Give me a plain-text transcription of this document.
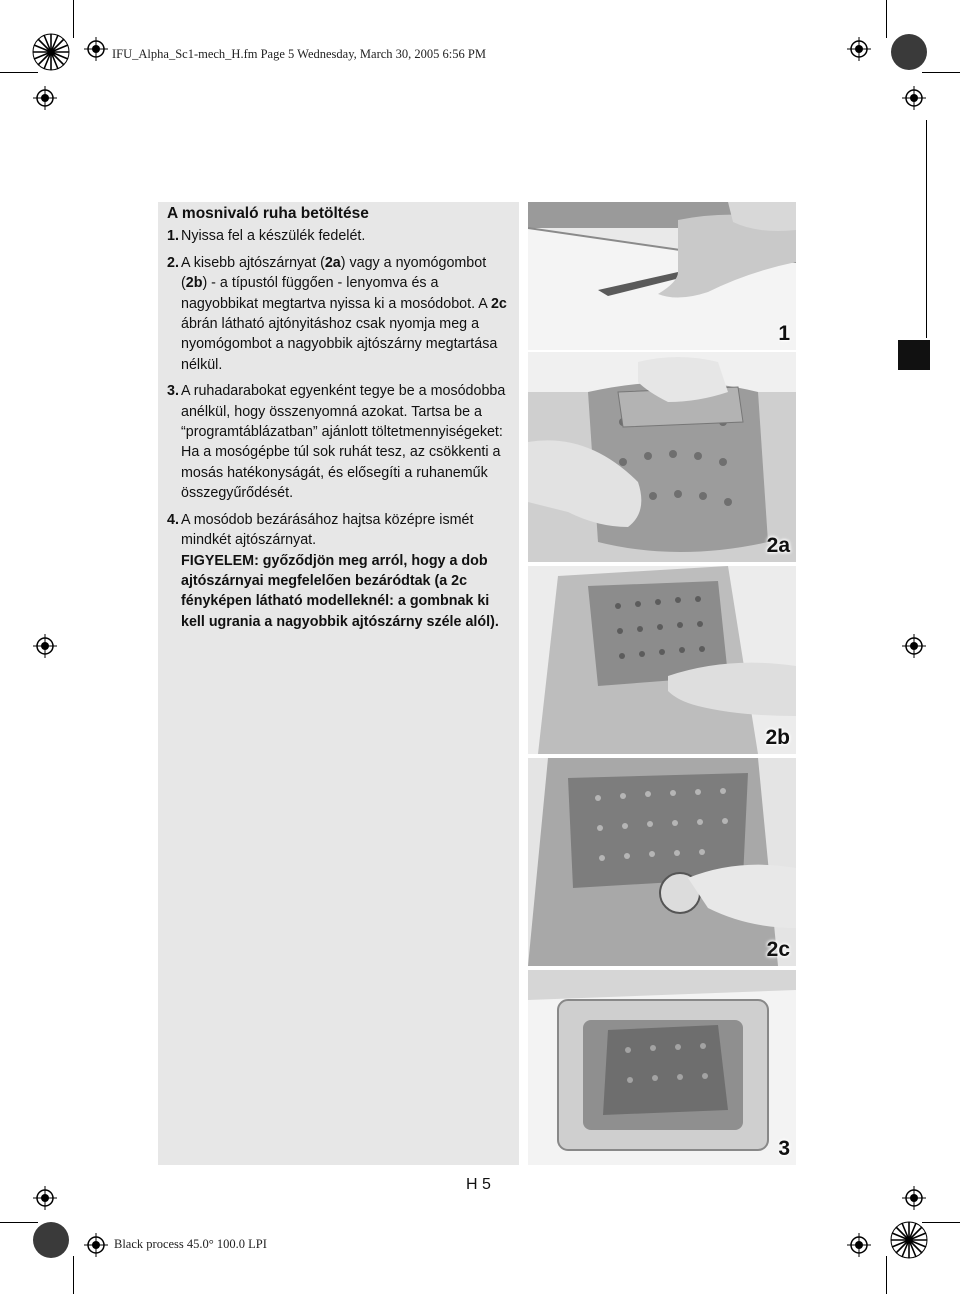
IFU_Alpha_Sc1-mech_H.fm Page 5 Wednesday, March 30, 2005 6:56 PM
Black process 45.0° 100.0 LPI
A mosnivaló ruha betöltése
1. Nyissa fel a készülék fedelét.
2. A kisebb ajtószárnyat (2a) vagy a nyomógombot (2b) - a típustól függően - lenyomva és a nagyobbikat megtartva nyissa ki a mosódobot. A 2c ábrán látható ajtónyitáshoz csak nyomja meg a nyomógombot a nagyobbik ajtószárny megtartása nélkül.
3. A ruhadarabokat egyenként tegye be a mosódobba anélkül, hogy összenyomná azokat. Tartsa be a “programtáblázatban” ajánlott töltetmennyiségeket: Ha a mosógépbe túl sok ruhát tesz, az csökkenti a mosás hatékonyságát, és elősegíti a ruhaneműk összegyűrődését.
4. A mosódob bezárásához hajtsa középre ismét mindkét ajtószárnyat.
FIGYELEM: győződjön meg arról, hogy a dob ajtószárnyai megfelelően bezáródtak (a 2c fényképen látható modelleknél: a gombnak ki kell ugrania a nagyobbik ajtószárny széle alól).
1
2a
2b
2c
3
H 5
